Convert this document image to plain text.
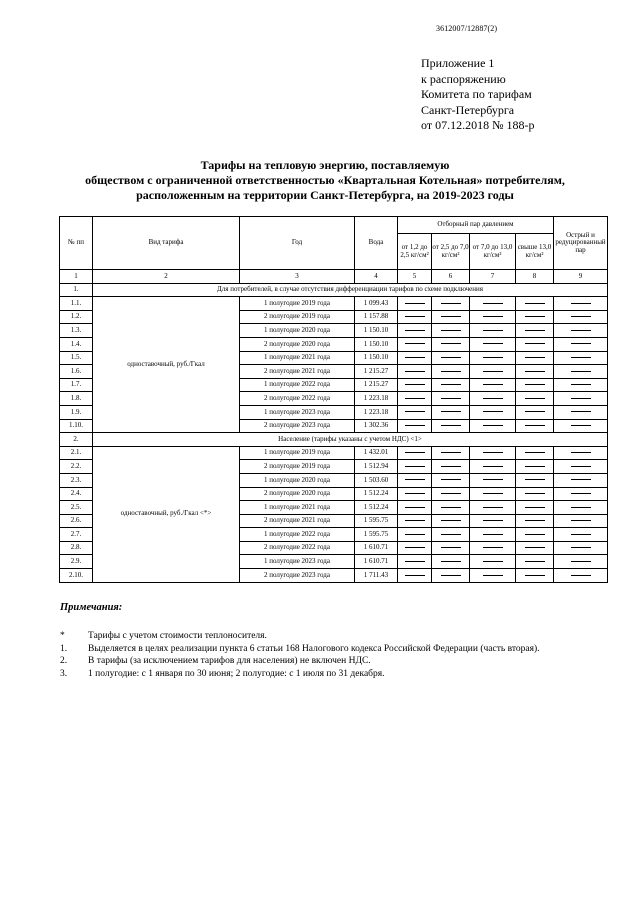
3612007/12887(2)
Приложение 1
к распоряжению
Комитета по тарифам
Санкт-Петербурга
от 07.12.2018 № 188-р
Тарифы на тепловую энергию, поставляемую
обществом с ограниченной ответственностью «Квартальная Котельная» потребителям,
расположенным на территории Санкт-Петербурга, на 2019-2023 годы
№ пп	Вид тарифа	Год	Вода	Отборный пар давлением				Острый и редуцированный пар
				от 1,2 до 2,5 кг/см²	от 2,5 до 7,0 кг/см²	от 7,0 до 13,0 кг/см²	свыше 13,0 кг/см²	
1	2	3	4	5	6	7	8	9
1.	Для потребителей, в случае отсутствия дифференциации тарифов по схеме подключения							
1.1.	одноставочный, руб./Гкал	1 полугодие 2019 года	1 099.43					
1.2.		2 полугодие 2019 года	1 157.88					
1.3.		1 полугодие 2020 года	1 150.10					
1.4.		2 полугодие 2020 года	1 150.10					
1.5.		1 полугодие 2021 года	1 150.10					
1.6.		2 полугодие 2021 года	1 215.27					
1.7.		1 полугодие 2022 года	1 215.27					
1.8.		2 полугодие 2022 года	1 223.18					
1.9.		1 полугодие 2023 года	1 223.18					
1.10.		2 полугодие 2023 года	1 302.36					
2.	Население (тарифы указаны с учетом НДС) <1>							
2.1.	одноставочный, руб./Гкал <*>	1 полугодие 2019 года	1 432.01					
2.2.		2 полугодие 2019 года	1 512.94					
2.3.		1 полугодие 2020 года	1 503.60					
2.4.		2 полугодие 2020 года	1 512.24					
2.5.		1 полугодие 2021 года	1 512.24					
2.6.		2 полугодие 2021 года	1 595.75					
2.7.		1 полугодие 2022 года	1 595.75					
2.8.		2 полугодие 2022 года	1 610.71					
2.9.		1 полугодие 2023 года	1 610.71					
2.10.		2 полугодие 2023 года	1 711.43					
Примечания:
*	Тарифы с учетом стоимости теплоносителя.
1.	Выделяется в целях реализации пункта 6 статьи 168 Налогового кодекса Российской Федерации (часть вторая).
2.	В тарифы (за исключением тарифов для населения) не включен НДС.
3.	1 полугодие: с 1 января по 30 июня; 2 полугодие: с 1 июля по 31 декабря.
